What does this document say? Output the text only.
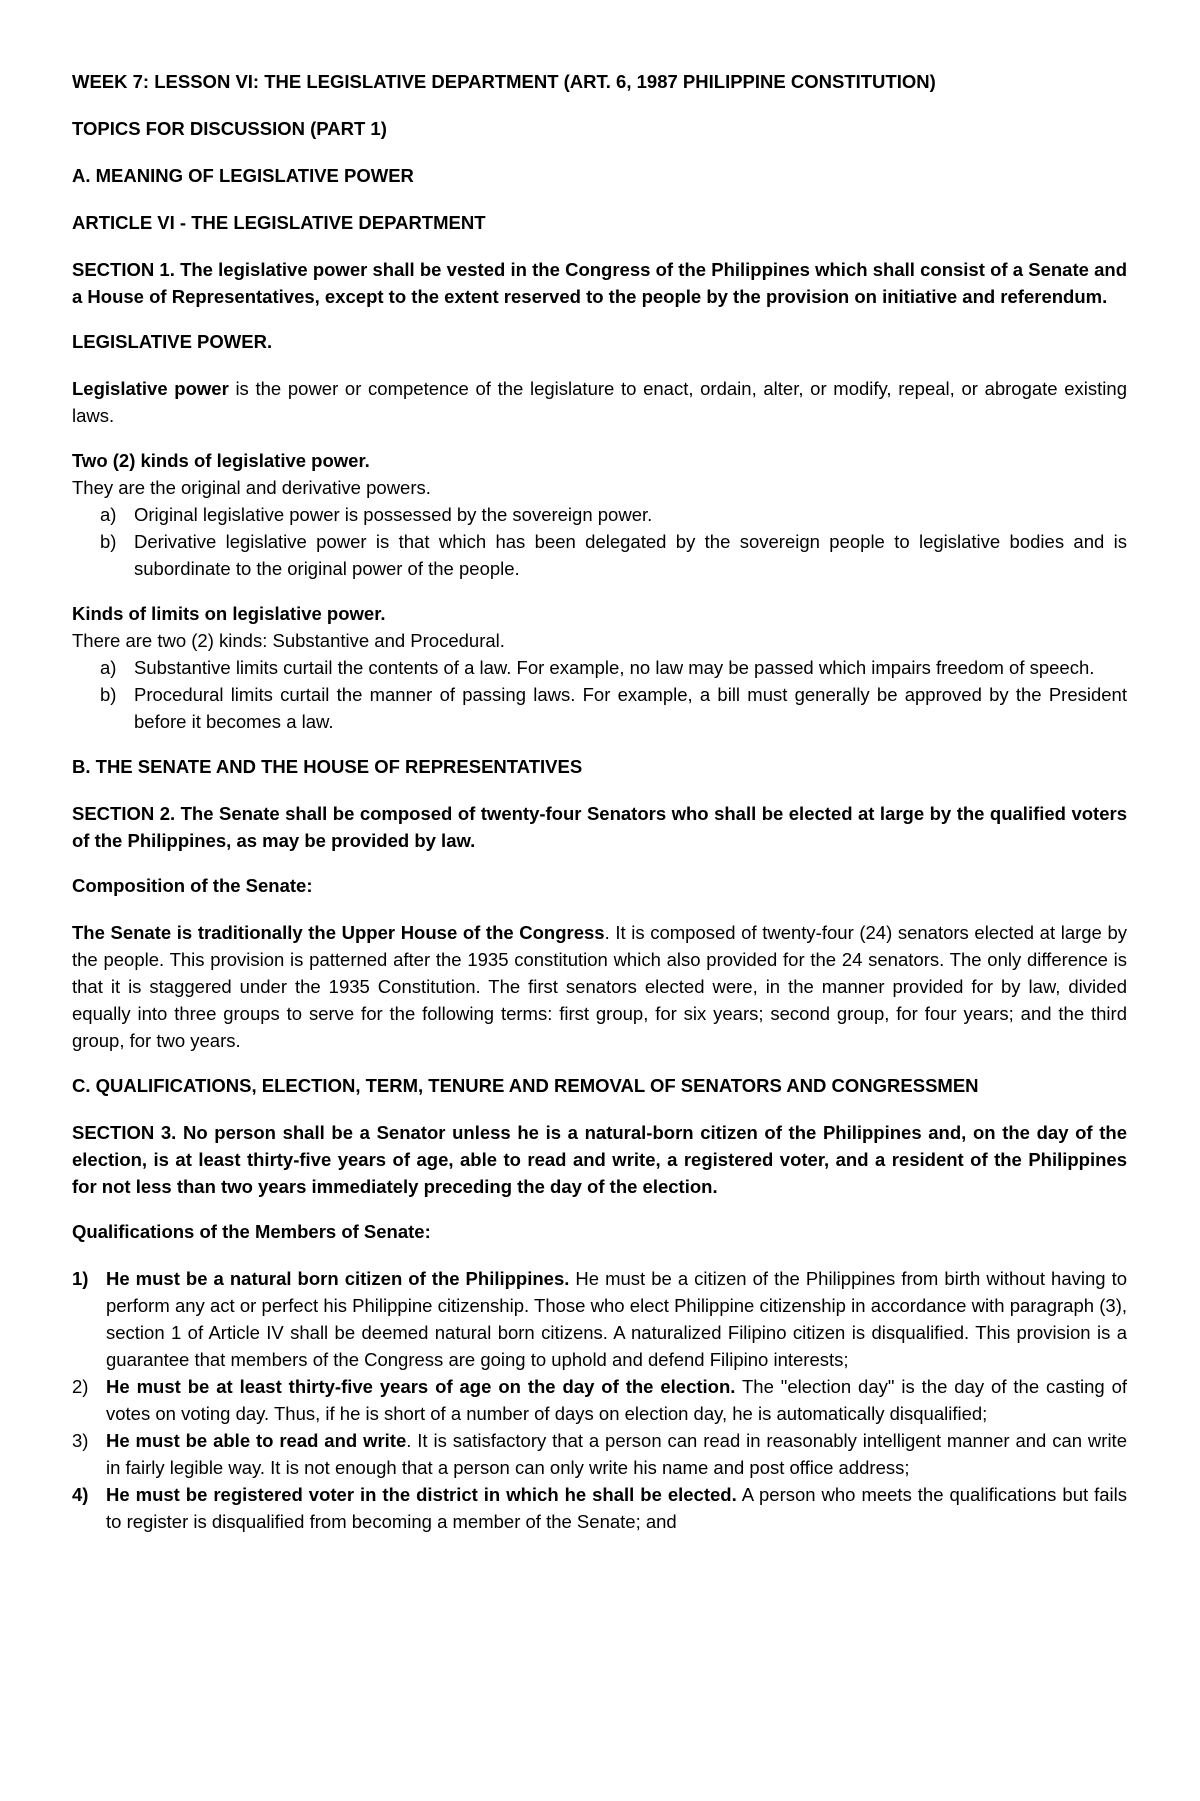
WEEK 7: LESSON VI: THE LEGISLATIVE DEPARTMENT (ART. 6, 1987 PHILIPPINE CONSTITUTION)

TOPICS FOR DISCUSSION (PART 1)

A. MEANING OF LEGISLATIVE POWER

ARTICLE VI - THE LEGISLATIVE DEPARTMENT

SECTION 1. The legislative power shall be vested in the Congress of the Philippines which shall consist of a Senate and a House of Representatives, except to the extent reserved to the people by the provision on initiative and referendum.

LEGISLATIVE POWER.

Legislative power is the power or competence of the legislature to enact, ordain, alter, or modify, repeal, or abrogate existing laws.

Two (2) kinds of legislative power.
They are the original and derivative powers.
a) Original legislative power is possessed by the sovereign power.
b) Derivative legislative power is that which has been delegated by the sovereign people to legislative bodies and is subordinate to the original power of the people.
Kinds of limits on legislative power.
There are two (2) kinds: Substantive and Procedural.
a) Substantive limits curtail the contents of a law. For example, no law may be passed which impairs freedom of speech.
b) Procedural limits curtail the manner of passing laws. For example, a bill must generally be approved by the President before it becomes a law.

B. THE SENATE AND THE HOUSE OF REPRESENTATIVES

SECTION 2. The Senate shall be composed of twenty-four Senators who shall be elected at large by the qualified voters of the Philippines, as may be provided by law.

Composition of the Senate:

The Senate is traditionally the Upper House of the Congress. It is composed of twenty-four (24) senators elected at large by the people. This provision is patterned after the 1935 constitution which also provided for the 24 senators. The only difference is that it is staggered under the 1935 Constitution. The first senators elected were, in the manner provided for by law, divided equally into three groups to serve for the following terms: first group, for six years; second group, for four years; and the third group, for two years.

C. QUALIFICATIONS, ELECTION, TERM, TENURE AND REMOVAL OF SENATORS AND CONGRESSMEN

SECTION 3. No person shall be a Senator unless he is a natural-born citizen of the Philippines and, on the day of the election, is at least thirty-five years of age, able to read and write, a registered voter, and a resident of the Philippines for not less than two years immediately preceding the day of the election.

Qualifications of the Members of Senate:

1) He must be a natural born citizen of the Philippines. He must be a citizen of the Philippines from birth without having to perform any act or perfect his Philippine citizenship. Those who elect Philippine citizenship in accordance with paragraph (3), section 1 of Article IV shall be deemed natural born citizens. A naturalized Filipino citizen is disqualified. This provision is a guarantee that members of the Congress are going to uphold and defend Filipino interests;
2) He must be at least thirty-five years of age on the day of the election. The "election day" is the day of the casting of votes on voting day. Thus, if he is short of a number of days on election day, he is automatically disqualified;
3) He must be able to read and write. It is satisfactory that a person can read in reasonably intelligent manner and can write in fairly legible way. It is not enough that a person can only write his name and post office address;
4) He must be registered voter in the district in which he shall be elected. A person who meets the qualifications but fails to register is disqualified from becoming a member of the Senate; and
